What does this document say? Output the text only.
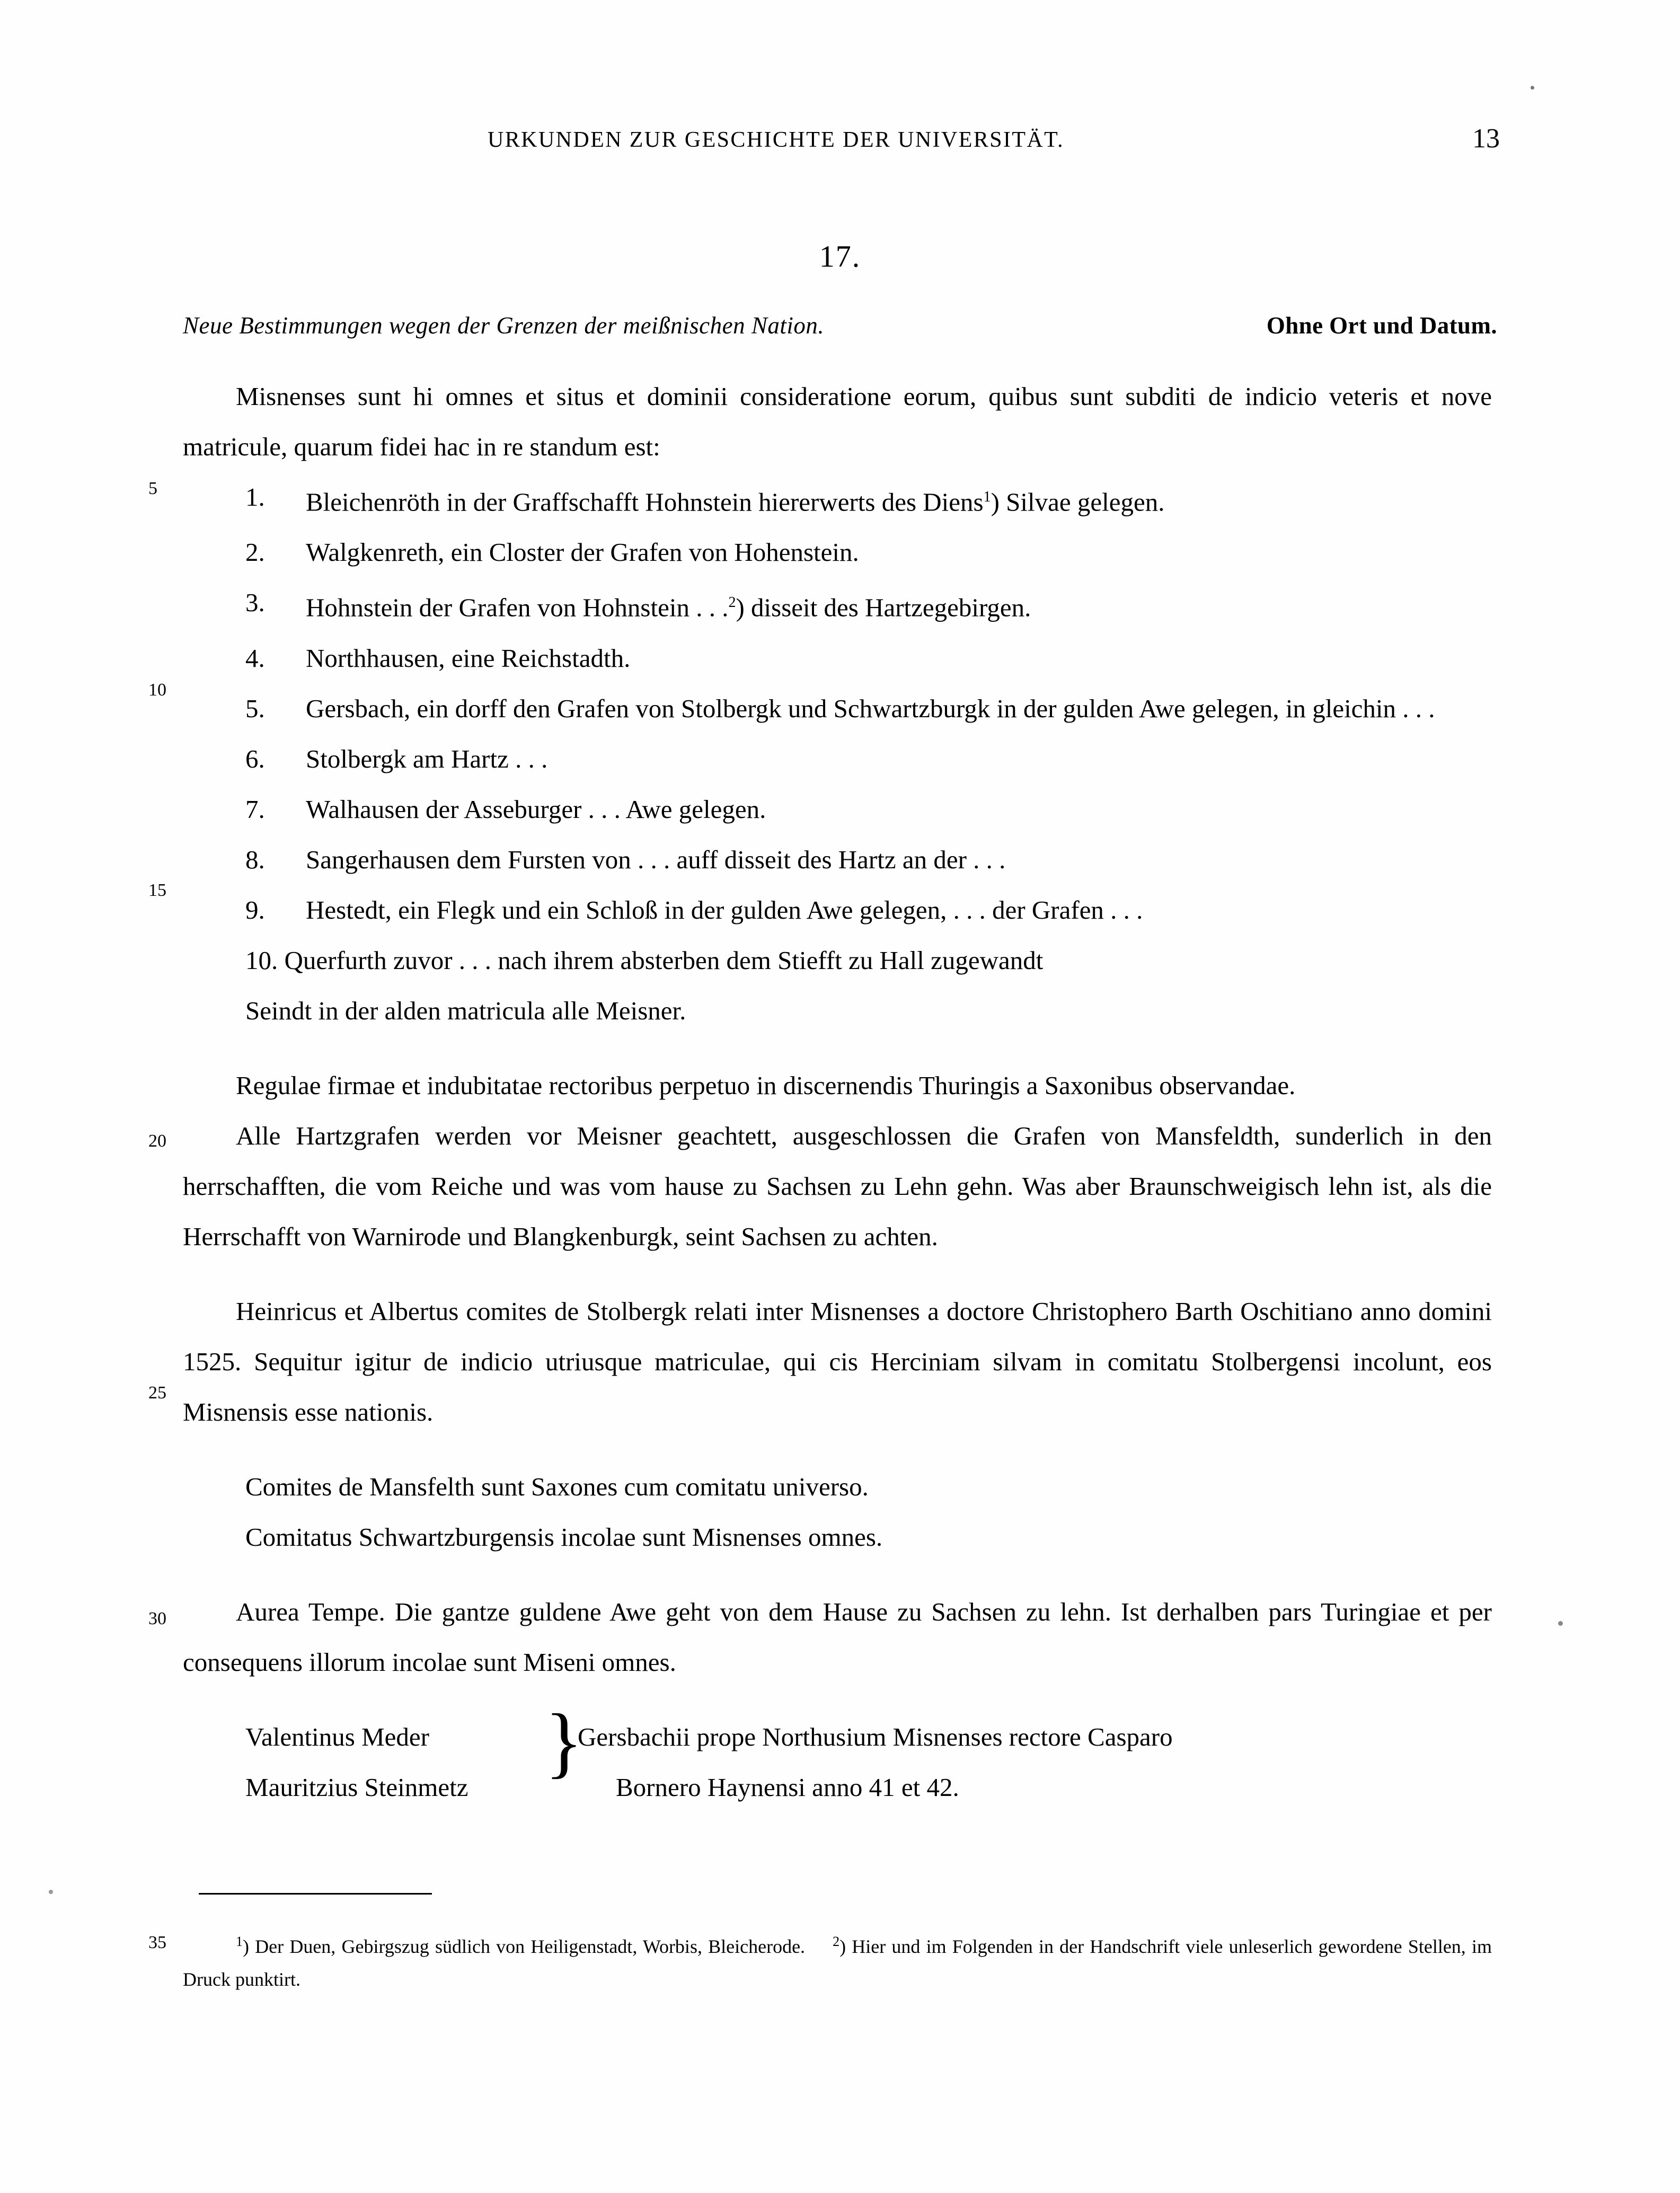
URKUNDEN ZUR GESCHICHTE DER UNIVERSITÄT.	13
17.
Neue Bestimmungen wegen der Grenzen der meißnischen Nation.	Ohne Ort und Datum.
5
10
15
20
25
30
35

Misnenses sunt hi omnes et situs et dominii consideratione eorum, quibus sunt subditi de indicio veteris et nove matricule, quarum fidei hac in re standum est:

1.	Bleichenröth in der Graffschafft Hohnstein hiererwerts des Diens$^1$) Silvae gelegen.
2.	Walgkenreth, ein Closter der Grafen von Hohenstein.
3.	Hohnstein der Grafen von Hohnstein . . .$^2$) disseit des Hartzegebirgen.
4.	Northhausen, eine Reichstadth.
5.	Gersbach, ein dorff den Grafen von Stolbergk und Schwartzburgk in der gulden Awe gelegen, in gleichin . . .
6.	Stolbergk am Hartz . . .
7.	Walhausen der Asseburger . . . Awe gelegen.
8.	Sangerhausen dem Fursten von . . . auff disseit des Hartz an der . . .
9.	Hestedt, ein Flegk und ein Schloß in der gulden Awe gelegen, . . . der Grafen . . .
10. Querfurth zuvor . . . nach ihrem absterben dem Stiefft zu Hall zugewandt

Seindt in der alden matricula alle Meisner.

Regulae firmae et indubitatae rectoribus perpetuo in discernendis Thuringis a Saxonibus observandae.

Alle Hartzgrafen werden vor Meisner geachtett, ausgeschlossen die Grafen von Mansfeldth, sunderlich in den herrschafften, die vom Reiche und was vom hause zu Sachsen zu Lehn gehn. Was aber Braunschweigisch lehn ist, als die Herrschafft von Warnirode und Blangkenburgk, seint Sachsen zu achten.

Heinricus et Albertus comites de Stolbergk relati inter Misnenses a doctore Christophero Barth Oschitiano anno domini 1525. Sequitur igitur de indicio utriusque matriculae, qui cis Herciniam silvam in comitatu Stolbergensi incolunt, eos Misnensis esse nationis.

Comites de Mansfelth sunt Saxones cum comitatu universo.

Comitatus Schwartzburgensis incolae sunt Misnenses omnes.

Aurea Tempe. Die gantze guldene Awe geht von dem Hause zu Sachsen zu lehn. Ist derhalben pars Turingiae et per consequens illorum incolae sunt Miseni omnes.

Valentinus Meder
Mauritzius Steinmetz
}
Gersbachii prope Northusium Misnenses rectore Casparo
Bornero Haynensi anno 41 et 42.
$^1$) Der Duen, Gebirgszug südlich von Heiligenstadt, Worbis, Bleicherode. $^2$) Hier und im Folgenden in der Handschrift viele unleserlich gewordene Stellen, im Druck punktirt.
